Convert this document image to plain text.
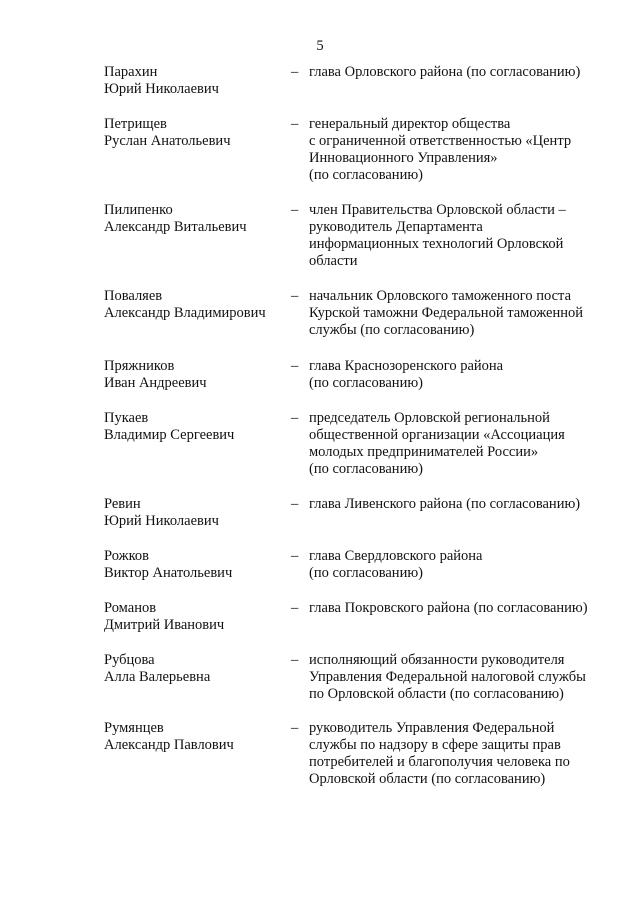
5
Парахин
Юрий Николаевич
– глава Орловского района (по согласованию)
Петрищев
Руслан Анатольевич
– генеральный директор общества
с ограниченной ответственностью «Центр
Инновационного Управления»
(по согласованию)
Пилипенко
Александр Витальевич
– член Правительства Орловской области –
руководитель Департамента
информационных технологий Орловской
области
Поваляев
Александр Владимирович
– начальник Орловского таможенного поста
Курской таможни Федеральной таможенной
службы (по согласованию)
Пряжников
Иван Андреевич
– глава Краснозоренского района
(по согласованию)
Пукаев
Владимир Сергеевич
– председатель Орловской региональной
общественной организации «Ассоциация
молодых предпринимателей России»
(по согласованию)
Ревин
Юрий Николаевич
– глава Ливенского района (по согласованию)
Рожков
Виктор Анатольевич
– глава Свердловского района
(по согласованию)
Романов
Дмитрий Иванович
– глава Покровского района (по согласованию)
Рубцова
Алла Валерьевна
– исполняющий обязанности руководителя
Управления Федеральной налоговой службы
по Орловской области (по согласованию)
Румянцев
Александр Павлович
– руководитель Управления Федеральной
службы по надзору в сфере защиты прав
потребителей и благополучия человека по
Орловской области (по согласованию)
